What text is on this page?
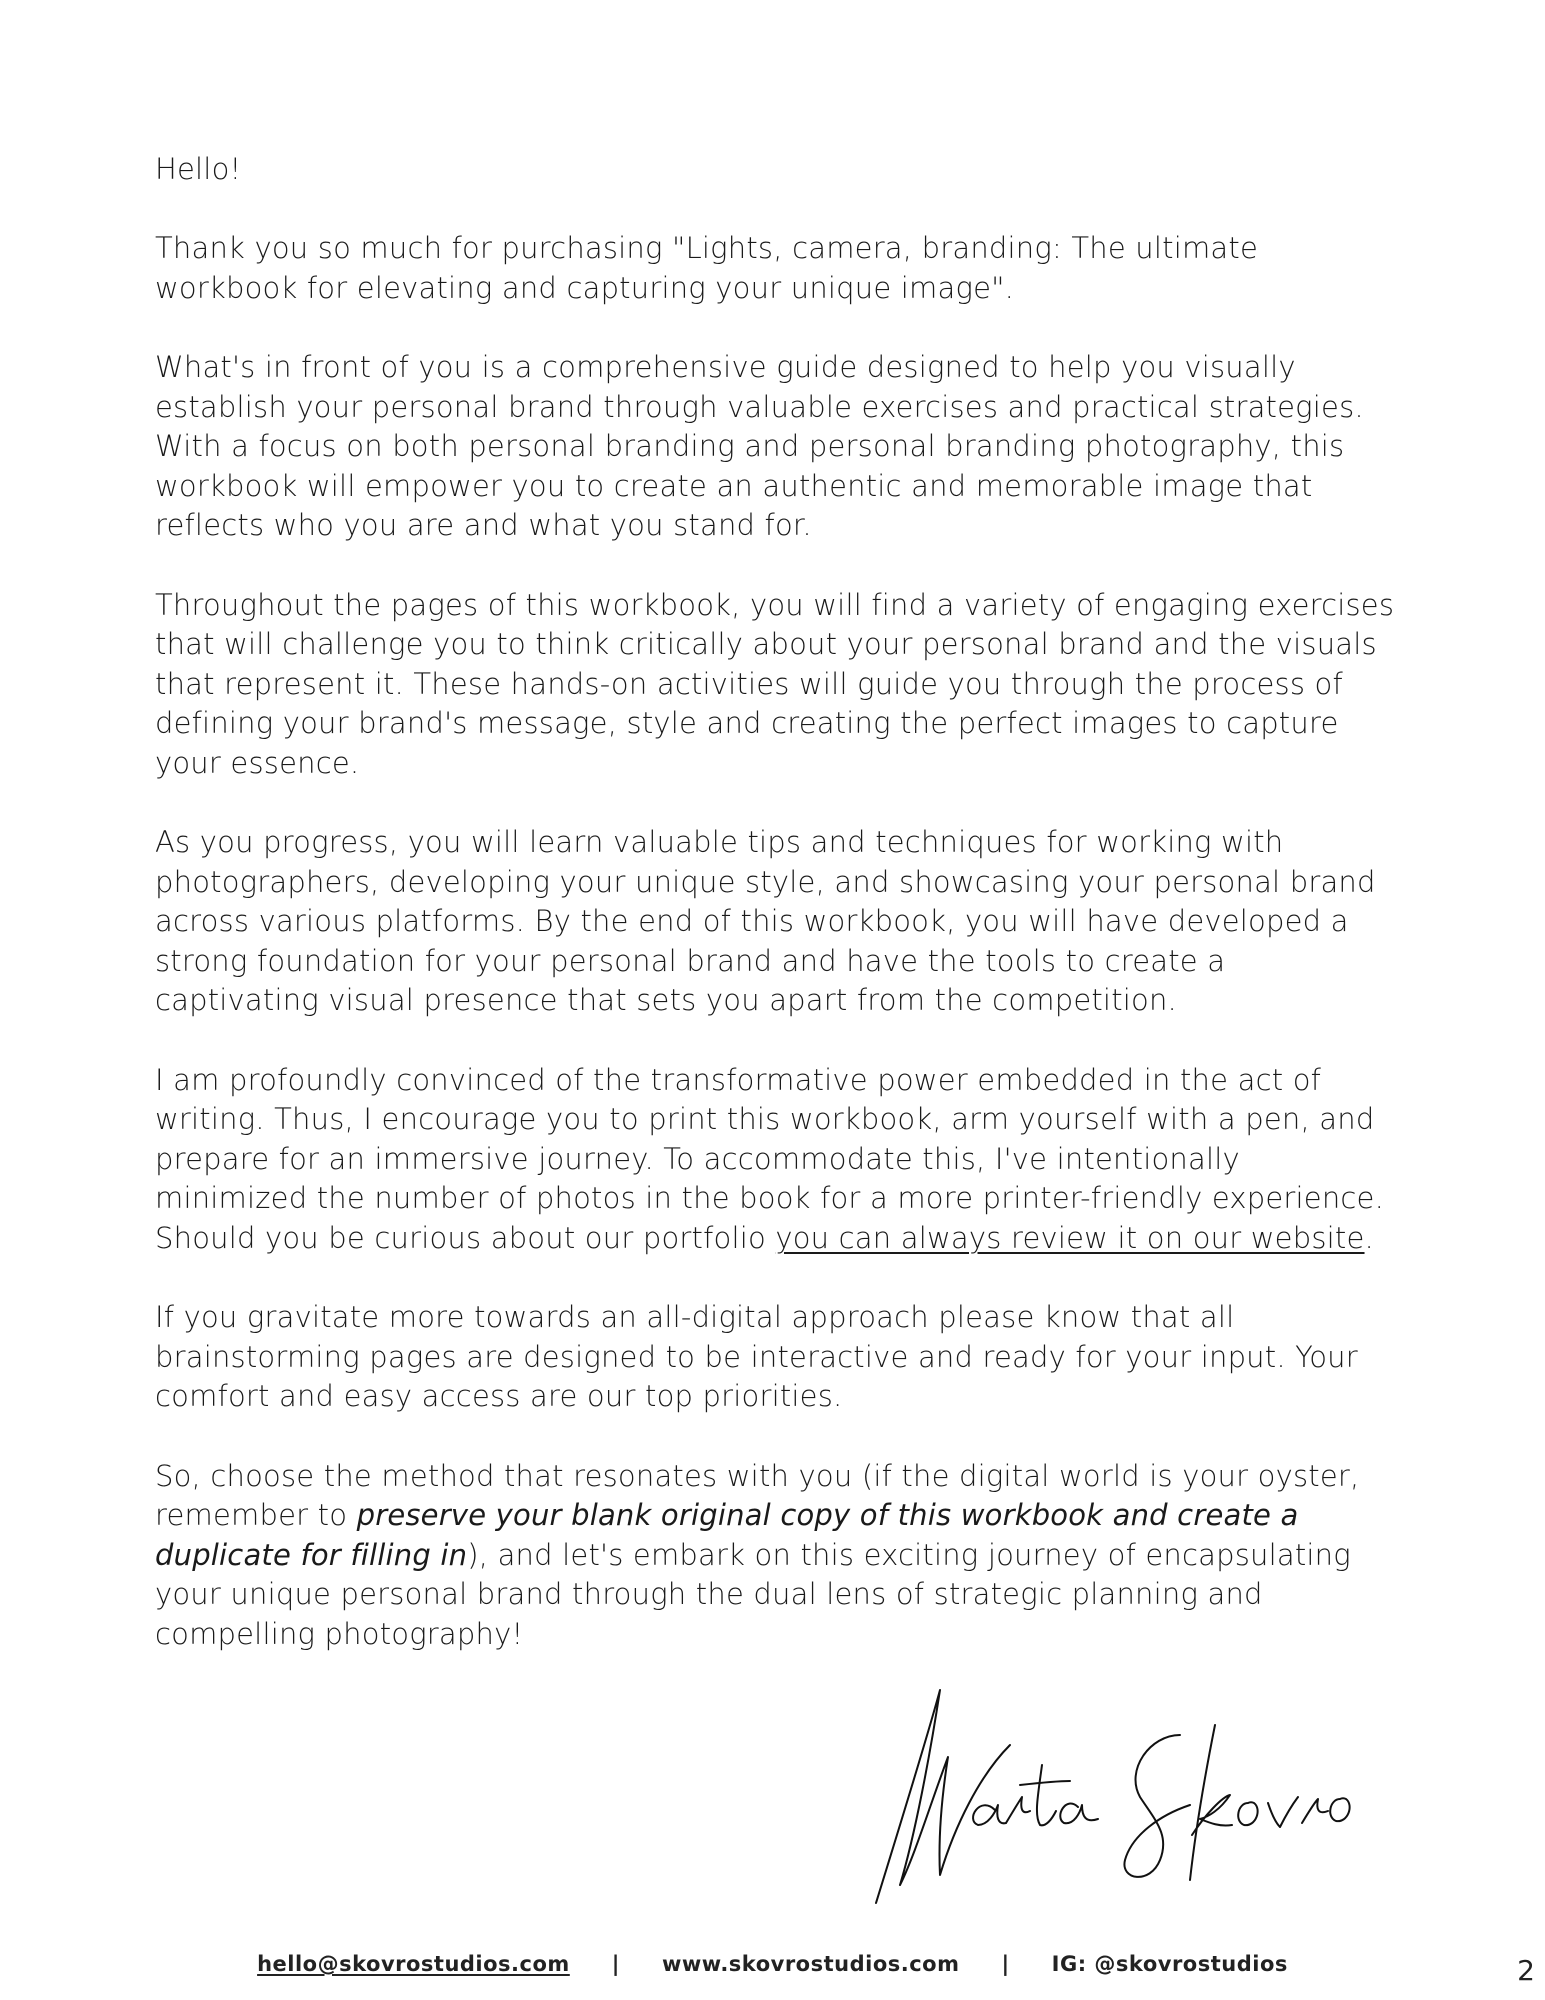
Hello!

Thank you so much for purchasing "Lights, camera, branding: The ultimate workbook for elevating and capturing your unique image".

What's in front of you is a comprehensive guide designed to help you visually establish your personal brand through valuable exercises and practical strategies. With a focus on both personal branding and personal branding photography, this workbook will empower you to create an authentic and memorable image that reflects who you are and what you stand for.

Throughout the pages of this workbook, you will find a variety of engaging exercises that will challenge you to think critically about your personal brand and the visuals that represent it. These hands-on activities will guide you through the process of defining your brand's message, style and creating the perfect images to capture your essence.

As you progress, you will learn valuable tips and techniques for working with photographers, developing your unique style, and showcasing your personal brand across various platforms. By the end of this workbook, you will have developed a strong foundation for your personal brand and have the tools to create a captivating visual presence that sets you apart from the competition.

I am profoundly convinced of the transformative power embedded in the act of writing. Thus, I encourage you to print this workbook, arm yourself with a pen, and prepare for an immersive journey. To accommodate this, I've intentionally minimized the number of photos in the book for a more printer-friendly experience. Should you be curious about our portfolio you can always review it on our website.

If you gravitate more towards an all-digital approach please know that all brainstorming pages are designed to be interactive and ready for your input. Your comfort and easy access are our top priorities.

So, choose the method that resonates with you (if the digital world is your oyster, remember to preserve your blank original copy of this workbook and create a duplicate for filling in), and let's embark on this exciting journey of encapsulating your unique personal brand through the dual lens of strategic planning and compelling photography!

hello@skovrostudios.com | www.skovrostudios.com | IG: @skovrostudios	2
